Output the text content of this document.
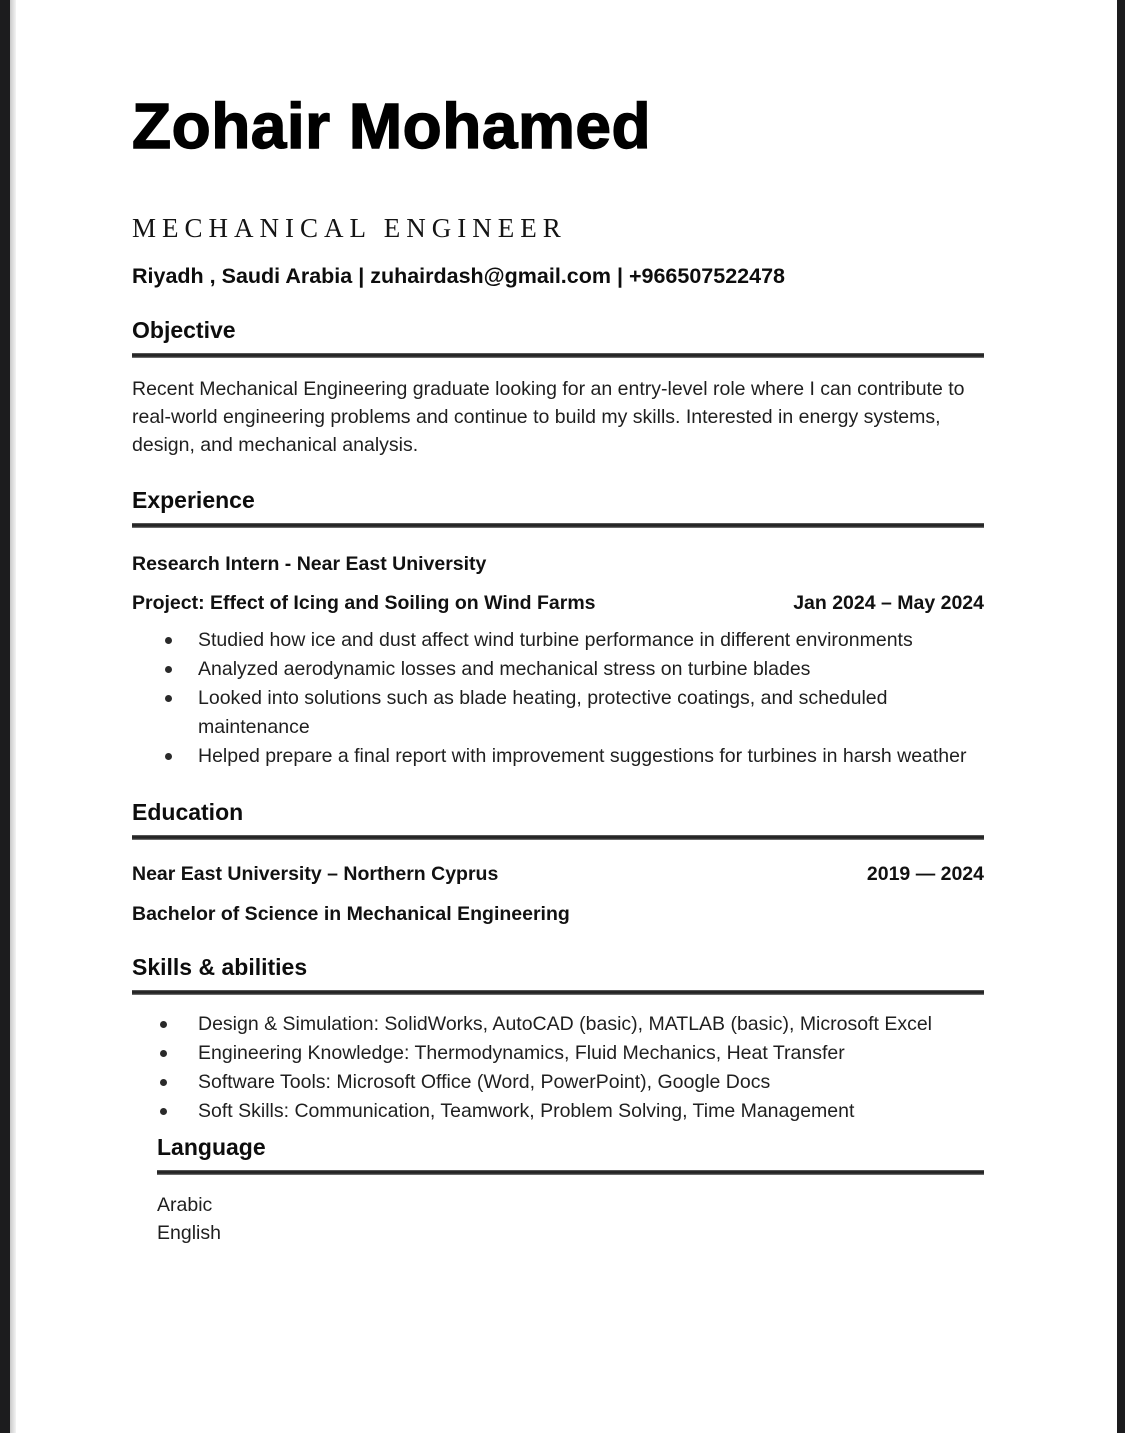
Zohair Mohamed
MECHANICAL ENGINEER
Riyadh , Saudi Arabia | zuhairdash@gmail.com | +966507522478
Objective

Recent Mechanical Engineering graduate looking for an entry-level role where I can contribute to real-world engineering problems and continue to build my skills. Interested in energy systems, design, and mechanical analysis.

Experience
Research Intern - Near East University
Project: Effect of Icing and Soiling on Wind Farms	Jan 2024 – May 2024
Studied how ice and dust affect wind turbine performance in different environments
Analyzed aerodynamic losses and mechanical stress on turbine blades
Looked into solutions such as blade heating, protective coatings, and scheduled maintenance
Helped prepare a final report with improvement suggestions for turbines in harsh weather
Education
Near East University – Northern Cyprus	2019 — 2024
Bachelor of Science in Mechanical Engineering
Skills & abilities
Design & Simulation: SolidWorks, AutoCAD (basic), MATLAB (basic), Microsoft Excel
Engineering Knowledge: Thermodynamics, Fluid Mechanics, Heat Transfer
Software Tools: Microsoft Office (Word, PowerPoint), Google Docs
Soft Skills: Communication, Teamwork, Problem Solving, Time Management
Language
Arabic
English
